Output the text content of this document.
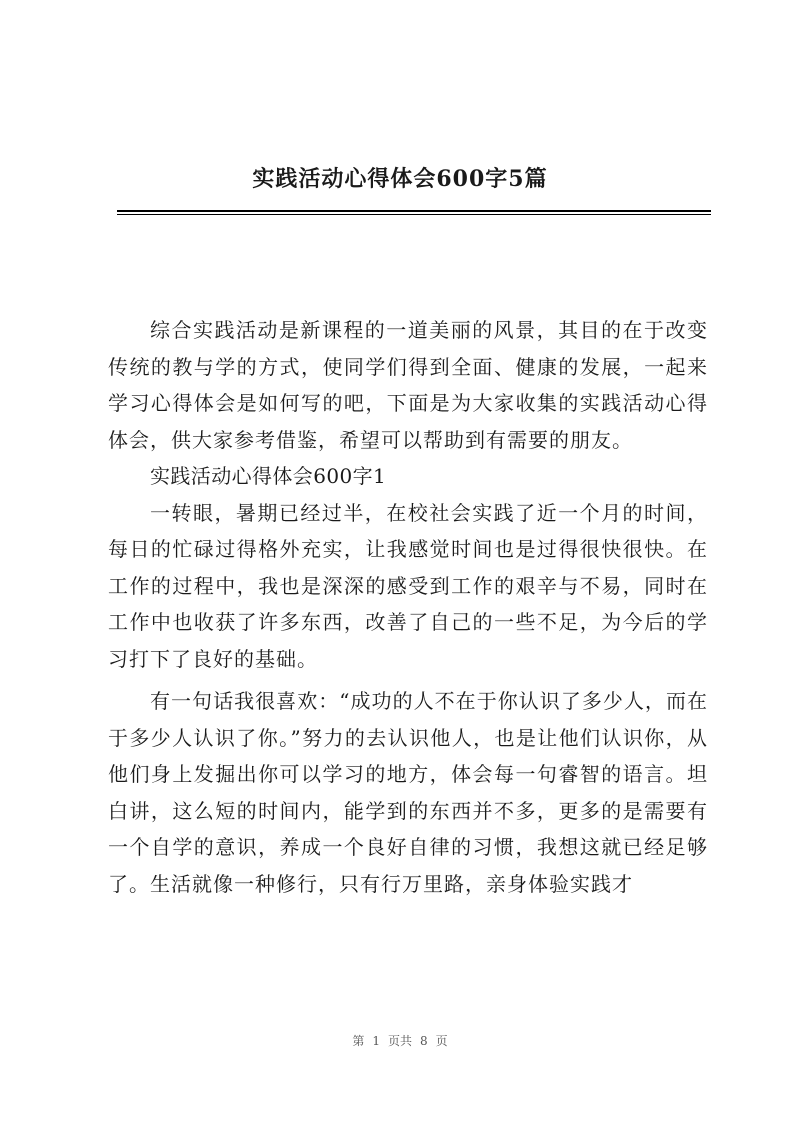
实践活动心得体会600字5篇

综合实践活动是新课程的一道美丽的风景，其目的在于改变传统的教与学的方式，使同学们得到全面、健康的发展，一起来学习心得体会是如何写的吧，下面是为大家收集的实践活动心得体会，供大家参考借鉴，希望可以帮助到有需要的朋友。

实践活动心得体会600字1

一转眼，暑期已经过半，在校社会实践了近一个月的时间，每日的忙碌过得格外充实，让我感觉时间也是过得很快很快。在工作的过程中，我也是深深的感受到工作的艰辛与不易，同时在工作中也收获了许多东西，改善了自己的一些不足，为今后的学习打下了良好的基础。

有一句话我很喜欢：“成功的人不在于你认识了多少人，而在于多少人认识了你。”努力的去认识他人，也是让他们认识你，从他们身上发掘出你可以学习的地方，体会每一句睿智的语言。坦白讲，这么短的时间内，能学到的东西并不多，更多的是需要有一个自学的意识，养成一个良好自律的习惯，我想这就已经足够了。生活就像一种修行，只有行万里路，亲身体验实践才

第 1 页共 8 页
